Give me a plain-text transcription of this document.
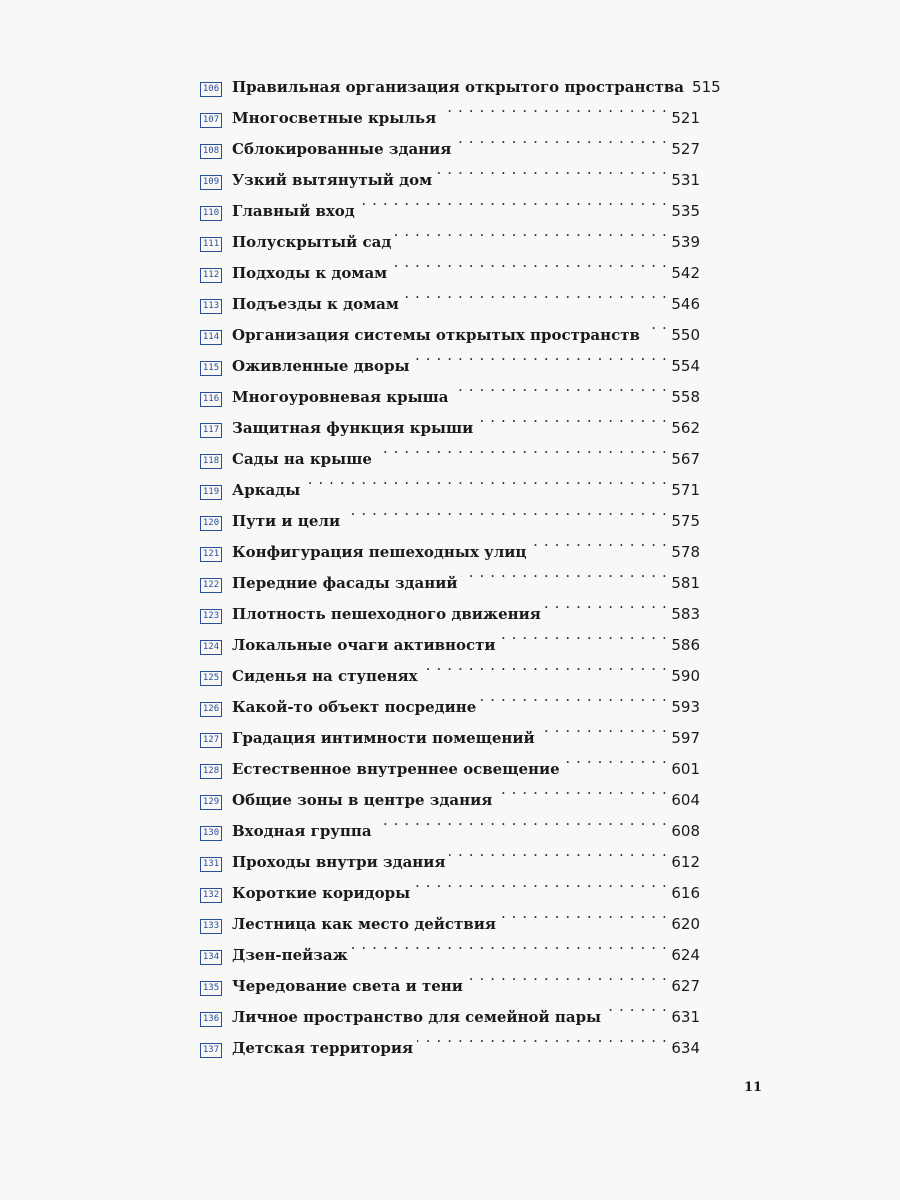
106 Правильная организация открытого пространства 515
107 Многосветные крылья . . .	521
108 Сблокированные здания . . .	527
109 Узкий вытянутый дом . . .	531
110 Главный вход . . .	535
111 Полускрытый сад . . .	539
112 Подходы к домам . . .	542
113 Подъезды к домам . . .	546
114 Организация системы открытых пространств . . . 550
115 Оживленные дворы . . .	554
116 Многоуровневая крыша . . .	558
117 Защитная функция крыши . . .	562
118 Сады на крыше . . .	567
119 Аркады . . .	571
120 Пути и цели . . .	575
121 Конфигурация пешеходных улиц . . .	578
122 Передние фасады зданий . . .	581
123 Плотность пешеходного движения . . .	583
124 Локальные очаги активности . . .	586
125 Сиденья на ступенях . . .	590
126 Какой-то объект посредине . . .	593
127 Градация интимности помещений . . .	597
128 Естественное внутреннее освещение . . .	601
129 Общие зоны в центре здания . . .	604
130 Входная группа . . .	608
131 Проходы внутри здания . . .	612
132 Короткие коридоры . . .	616
133 Лестница как место действия . . .	620
134 Дзен-пейзаж . . .	624
135 Чередование света и тени . . .	627
136 Личное пространство для семейной пары . . .	631
137 Детская территория . . .	634
11
